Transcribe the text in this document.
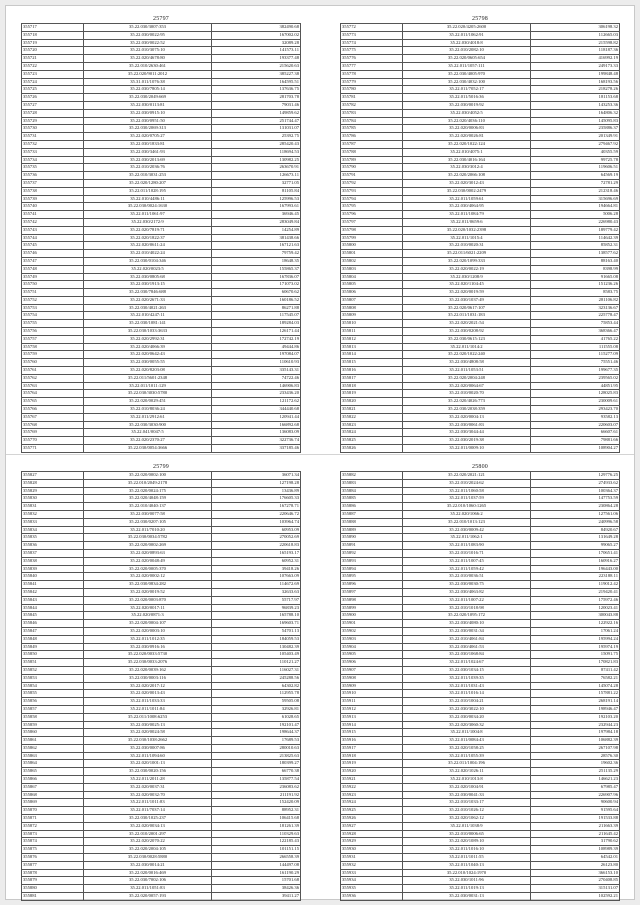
25797
355717	35.22.030/3007:353	382490.68
355718	35.22.030/0022:95	167002.02
355719	35.22.030/0022:52	32089.28
355720	35.22.010/3075:10	141573.11
355721	35.22.020/4678:80	193377.48
355722	35.22.010/2630:461	215620.63
355723	35.22.020/9011:2012	385227.38
355724	35.31.011/1076:38	164595.51
355725	35.22.030/7805:14	137636.75
355726	35.22.030/2049:669	281703.78
355727	35.22.030/0113:81	79031.46
355728	35.22.030/0915:10	149859.62
355729	35.22.030/0951:50	251744.47
355730	35.22.030/2069:313	131031.07
355731	35.22.020/0705:27	25392.75
355732	35.22.030/1833:81	285420.43
355733	35.22.030/3461:93	118694.53
355734	35.22.030/2013:69	130982.25
355735	35.22.010/2036:76	263670.91
355736	35.22.010/3031:253	126673.11
355737	35.22.020/1280:207	32771.05
355738	35.22.011/1028:195	81105.84
355739	35.22.010/4486:11	125996.53
355740	35.22.030/0024:1630	167993.61
355741	35.22.011/1061:97	36946.45
355742	35.22.030/2172:9	283049.84
355743	35.22.020/7819:71	14254.89
355744	35.22.020/1822:37	381438.66
355745	35.22.020/0611:24	167121.63
355746	35.22.010/4022:24	79759.42
355747	35.22.030/0104:346	18648.35
355748	35.22.020/0023:5	155865.37
355749	35.22.030/0805:68	167836.07
355750	35.22.030/1913:15	171073.02
355751	35.22.030/7846:688	60670.62
355752	35.22.020/2671:33	160186.52
355753	35.22.030/4021:263	86271.88
355754	35.22.010/4247:11	117545.07
355755	35.22.030/1081:141	189284.03
355756	35.22.030/1033:3633	126171.44
355757	35.22.020/2992:31	172742.19
355758	35.22.020/4066:39	49444.86
355759	35.22.020/0642:43	197084.07
355760	35.22.030/0055:55	110610.93
355761	35.22.020/8203:08	335143.31
355762	35.22.011/5601:2348	74722.46
355763	35.22.011/1011:129	146906.83
355764	35.22.030/3030:5780	233436.20
355765	35.22.020/0029:451	121172.62
355766	35.22.010/8036:24	344440.68
355767	35.22.011/2912:61	120941.44
355768	35.22.030/3030:900	166892.68
355769	35.22.041/0047:5	136083.09
355770	35.22.020/2370:27	322736.74
355771	35.22.030/0054:3666	337185.46
25798
355772	35.22.020/4205:2600	306198.32
355773	35.22.011/1062:91	112665.03
355774	35.22.030/4018:8	215598.82
355775	35.22.010/2082:10	118187.36
355776	35.22.020/0605:654	416992.19
355777	35.22.011/1057:111	249173.33
355778	35.22.030/4005:970	199848.48
355779	35.22.030/4032:100	168193.56
355780	35.22.011/7052:17	218278.26
355781	35.22.011/5016:36	181153.68
355782	35.22.030/0019:92	143253.36
355783	35.22.030/4052:5	164806.32
355784	35.22.020/4036:110	145095.83
355785	35.22.020/0006:83	235886.37
355786	35.22.020/0026:81	201349.91
355787	35.22.020/1022:124	279467.92
355788	35.22.010/4075:1	40355.59
355789	35.22.030/4016:164	99725.78
355790	35.22.030/3012:4	119606.51
355791	35.22.020/2066:108	64569.19
355792	35.22.020/3012:43	72781.29
355793	35.22.030/0002:2479	212318.46
355794	35.22.011/1059:61	315696.69
355795	35.22.030/4064:95	194664.81
355796	35.22.011/1084:79	5006.28
355797	35.22.011/0659:6	226980.43
355798	35.22.020/1032:2398	189779.42
355799	35.22.011/1015:4	114642.39
355800	35.22.010/0020:31	85852.31
355801	35.22.011/6021:2209	138577.62
355802	35.22.020/1099:333	88163.40
355803	35.22.020/0022:19	8398.99
355804	35.22.030/1208:9	91665.08
355805	35.22.020/1104:45	151236.26
355806	35.22.020/0019:59	8583.75
355807	35.22.030/1037:49	281106.82
355808	35.22.020/0617:107	323136.67
355809	35.22.011/1031:183	225778.47
355810	35.22.020/2021:54	75853.44
355811	35.22.030/0208:92	368366.47
355812	35.22.030/0615:123	41765.22
355813	35.22.011/1014:2	111555.08
355814	35.22.020/1022:240	115277.09
355815	35.22.030/4808:58	75551.46
355816	35.22.011/1053:51	199677.35
355817	35.22.020/2004:248	239565.02
355818	35.22.020/0064:67	44851.95
355819	35.22.010/0020:70	128025.83
355820	35.22.020/4026:773	230009.61
355821	35.22.030/2038:359	293423.70
355822	35.22.020/0004:13	93582.13
355823	35.22.030/0061:83	220603.07
355824	35.22.030/3044:44	66607.61
355825	35.22.030/2019:38	79881.66
355826	35.22.011/0009:10	108904.27
25799
355827	35.22.020/0002:100	36071.34
355828	35.22.010/2049:2178	127198.28
355829	35.22.020/0024:175	13436.89
355830	35.22.020/4048:159	176605.33
355831	35.22.010/4040:137	167278.71
355832	35.22.030/0077:58	220646.72
355833	35.22.030/0207:105	103964.74
355834	35.22.011/7010:20	60953.09
355835	35.22.030/0034:5782	270052.69
355836	35.22.020/0002:269	220618.83
355837	35.22.020/0893:63	165193.17
355838	35.22.020/0048:49	60952.31
355839	35.22.020/0005:370	39418.26
355840	35.22.020/0002:12	107663.09
355841	35.22.030/0834:282	114672.69
355842	35.22.020/0019:52	32633.63
355843	35.22.020/0003:870	55717.97
355844	35.22.020/0017:11	96839.23
355845	35.22.020/0871:3	165788.10
355846	35.22.020/0004:107	169603.71
355847	35.22.020/0003:10	54701.13
355848	35.22.011/1012:35	184059.53
355849	35.22.030/0916:16	130482.39
355850	35.22.020/0033:5730	105403.49
355851	35.22.030/0033:2076	110121.27
355852	35.22.020/0039:162	116027.31
355853	35.22.030/0003:116	245288.56
355854	35.22.020/2017:12	64302.82
355855	35.22.020/0013:43	112955.78
355856	35.22.011/1033:33	59505.08
355857	35.22.011/1011:84	32926.81
355858	35.22.011/1008:6253	61028.65
355859	35.22.030/0025:13	192101.47
355860	35.22.020/0024:58	198644.37
355861	35.22.030/1038:2662	17689.53
355862	35.22.030/0007:86	280010.63
355863	35.22.011/1094:60	213825.63
355864	35.22.020/1001:13	180399.27
355865	35.22.030/0020:156	66770.38
355866	35.22.011/2011:28	135877.54
355867	35.22.020/0037:31	236083.62
355868	35.22.020/0032:70	211191.92
355869	35.22.011/1011:83	152420.09
355870	35.22.011/7037:14	88952.31
355871	35.22.030/1025:237	106415.68
355872	35.22.020/0034:13	181261.39
355873	35.22.010/2001:297	110329.63
355874	35.22.020/2070:22	122185.43
355875	35.22.020/2004:105	101151.15
355876	35.22.030/0028:5880	266558.39
355877	35.22.030/0014:21	144497.08
355878	35.22.020/0016:469	161190.29
355879	35.22.030/7002:106	15701.68
355880	35.22.011/1051:83	38426.36
355881	35.22.020/0057:193	39411.27
25800
355882	35.22.020/2021:121	129776.25
355883	35.22.010/2024:62	274933.62
355884	35.22.011/1060:58	100364.37
355885	35.22.011/1037:59	147753.59
355886	35.22.010/1060:1265	230864.28
355887	35.22.020/1066:2	127561.06
355888	35.22.010/1013:123	240996.58
355889	35.22.030/0009:42	84920.67
355890	35.22.011/1062:1	131649.28
355891	35.22.011/1083:90	99065.27
355892	35.22.010/1016:71	170651.41
355893	35.22.011/1007:45	160916.27
355894	35.22.011/1059:42	196443.00
355895	35.22.010/0036:51	223188.11
355896	35.22.030/0030:75	119012.42
355897	35.22.030/4063:82	219420.41
355898	35.22.011/1007:22	175972.46
355899	35.22.010/1018:98	120023.41
355900	35.22.020/1095:172	300043.88
355901	35.22.030/4080:10	122922.16
355902	35.22.030/0031:34	17061.24
355903	35.22.010/4061:84	195994.24
355904	35.22.030/4061:53	195974.19
355905	35.22.030/1068:84	15091.75
355906	35.22.011/1024:67	170821.83
355907	35.22.030/1034:15	87411.42
355908	35.22.011/1039:35	76582.21
355909	35.22.011/1031:43	145074.28
355910	35.22.011/1016:14	157881.22
355911	35.22.010/1004:21	268191.14
355912	35.22.030/3022:10	198946.47
355913	35.22.030/0034:20	192103.20
355914	35.22.020/3060:32	232944.23
355915	35.22.011/1004:8	197984.18
355916	35.22.011/0084:43	106882.39
355917	35.22.020/1058:25	267107.98
355918	35.22.011/1055:39	28576.30
355919	35.22.011/1004:196	19602.36
355920	35.22.020/1026:11	251135.29
355921	35.22.010/1013:8	146621.23
355922	35.22.020/1004:91	67985.47
355923	35.22.030/0041:33	226907.96
355924	35.22.010/1033:17	90600.94
355925	35.22.010/1026:12	91595.64
355926	35.22.020/1062:12	191533.88
355927	35.22.011/1038:9	211663.39
355928	35.22.010/0006:65	211645.42
355929	35.22.020/1089:10	31790.62
355930	35.22.011/1016:10	108989.39
355931	35.22.011/1011:55	64542.01
355932	35.22.011/1040:13	26123.80
355933	35.22.010/1024:1970	366153.10
355934	35.22.030/1011:96	270408.85
355935	35.22.011/1019:13	315131.07
355936	35.22.030/0031:13	102592.21
